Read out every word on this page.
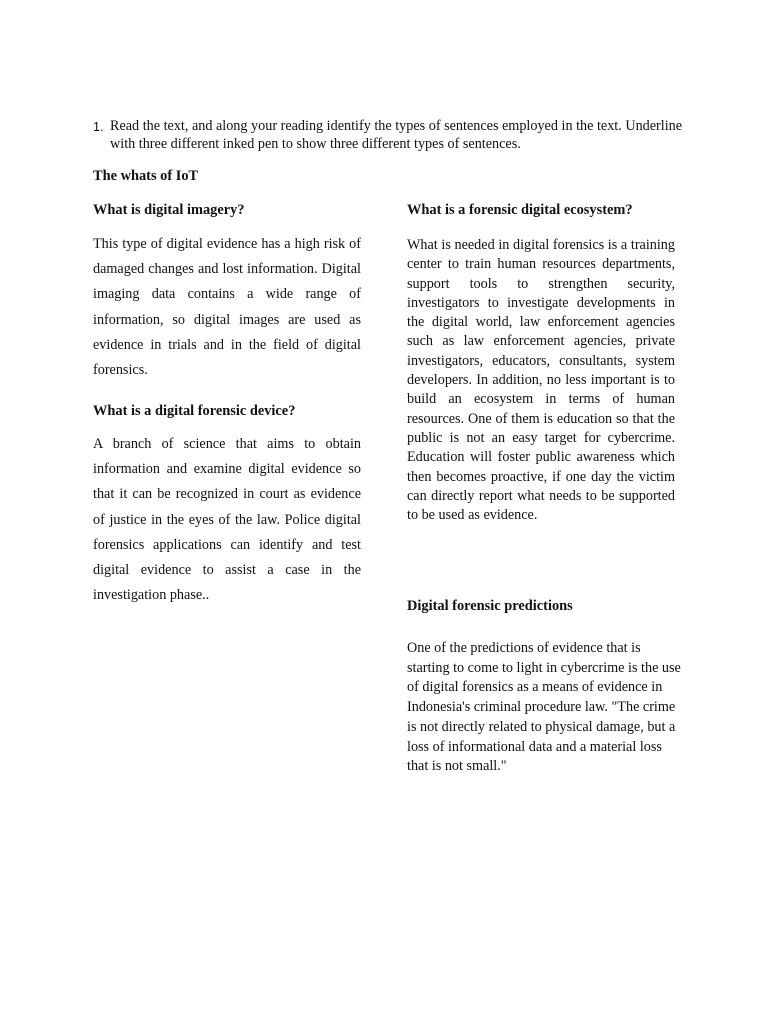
1. Read the text, and along your reading identify the types of sentences employed in the text. Underline with three different inked pen to show three different types of sentences.
The whats of IoT
What is digital imagery?
This type of digital evidence has a high risk of damaged changes and lost information. Digital imaging data contains a wide range of information, so digital images are used as evidence in trials and in the field of digital forensics.
What is a digital forensic device?
A branch of science that aims to obtain information and examine digital evidence so that it can be recognized in court as evidence of justice in the eyes of the law. Police digital forensics applications can identify and test digital evidence to assist a case in the investigation phase..
What is a forensic digital ecosystem?
What is needed in digital forensics is a training center to train human resources departments, support tools to strengthen security, investigators to investigate developments in the digital world, law enforcement agencies such as law enforcement agencies, private investigators, educators, consultants, system developers. In addition, no less important is to build an ecosystem in terms of human resources. One of them is education so that the public is not an easy target for cybercrime. Education will foster public awareness which then becomes proactive, if one day the victim can directly report what needs to be supported to be used as evidence.
Digital forensic predictions
One of the predictions of evidence that is starting to come to light in cybercrime is the use of digital forensics as a means of evidence in Indonesia's criminal procedure law. "The crime is not directly related to physical damage, but a loss of informational data and a material loss that is not small."
